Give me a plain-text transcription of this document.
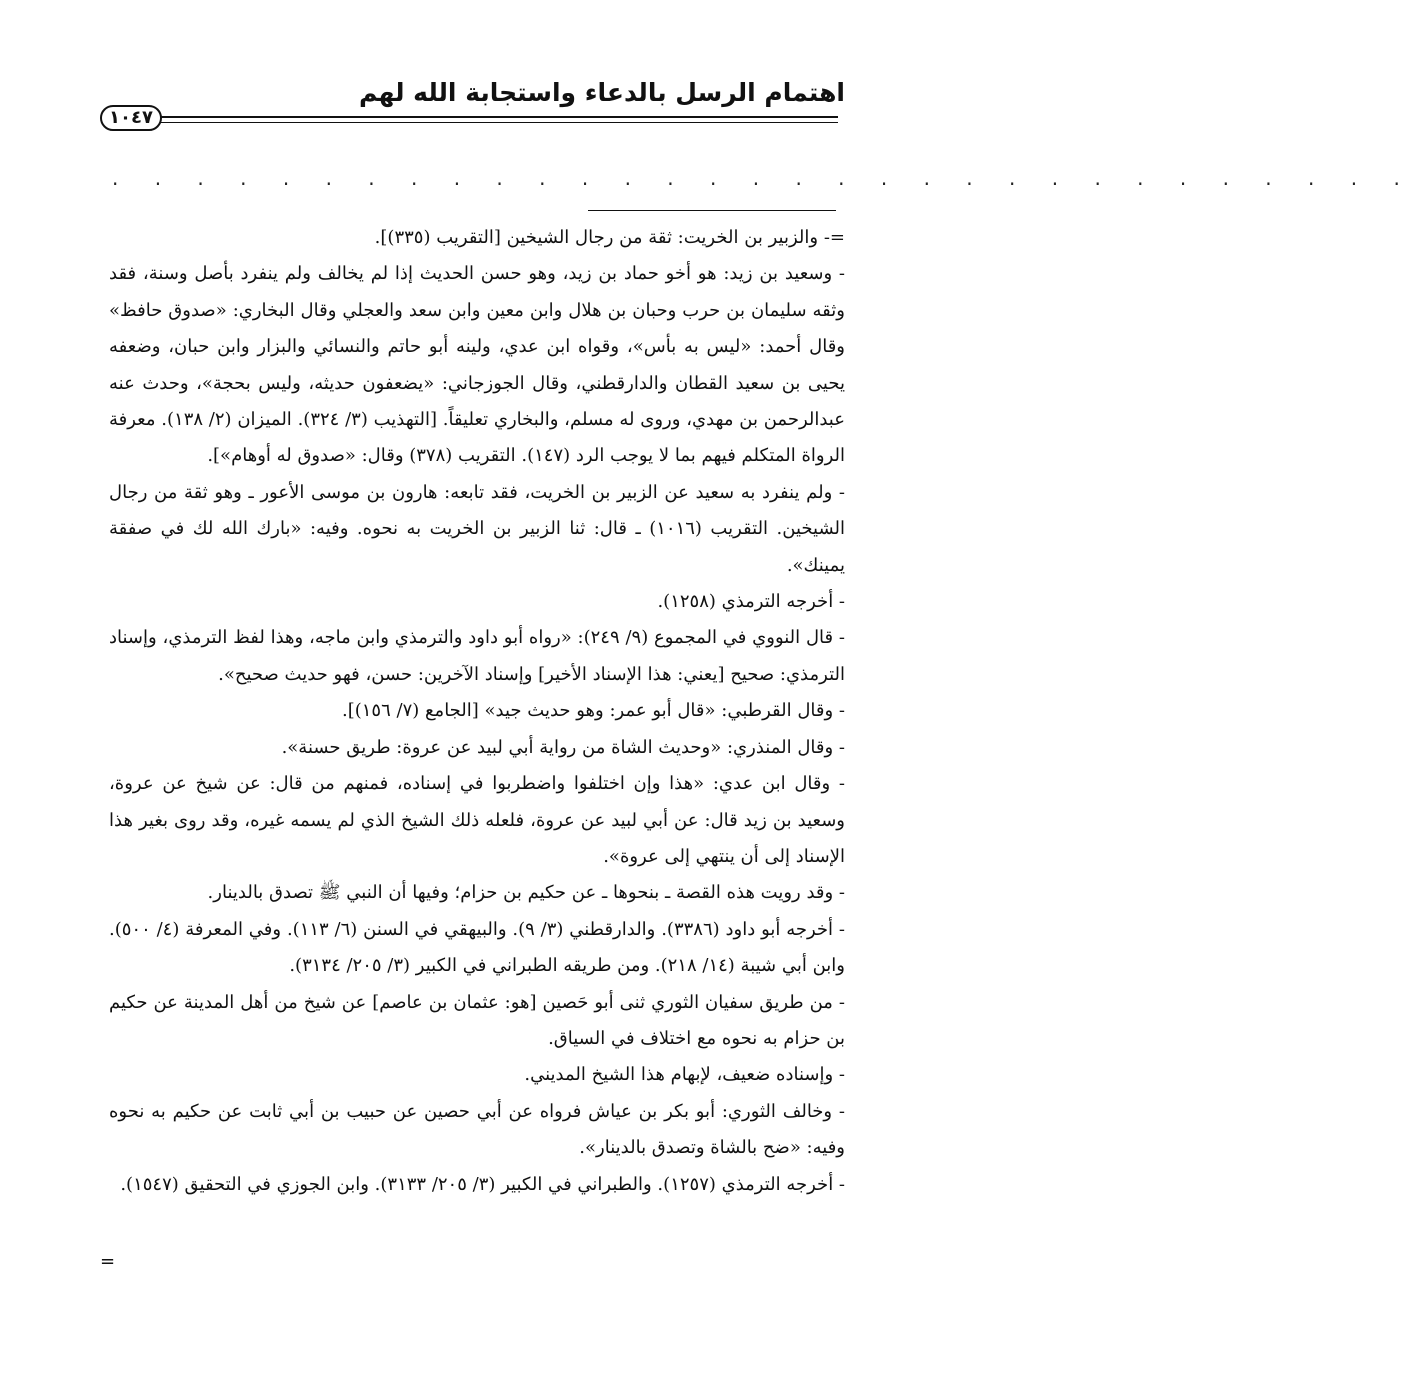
اهتمام الرسل بالدعاء واستجابة الله لهم
١٠٤٧
. . . . . . . . . . . . . . . . . . . . . . . . . . . . . . .

=- والزبير بن الخريت: ثقة من رجال الشيخين [التقريب (٣٣٥)].

- وسعيد بن زيد: هو أخو حماد بن زيد، وهو حسن الحديث إذا لم يخالف ولم ينفرد بأصل وسنة، فقد وثقه سليمان بن حرب وحبان بن هلال وابن معين وابن سعد والعجلي وقال البخاري: «صدوق حافظ» وقال أحمد: «ليس به بأس»، وقواه ابن عدي، ولينه أبو حاتم والنسائي والبزار وابن حبان، وضعفه يحيى بن سعيد القطان والدارقطني، وقال الجوزجاني: «يضعفون حديثه، وليس بحجة»، وحدث عنه عبدالرحمن بن مهدي، وروى له مسلم، والبخاري تعليقاً. [التهذيب (٣/ ٣٢٤). الميزان (٢/ ١٣٨). معرفة الرواة المتكلم فيهم بما لا يوجب الرد (١٤٧). التقريب (٣٧٨) وقال: «صدوق له أوهام»].

- ولم ينفرد به سعيد عن الزبير بن الخريت، فقد تابعه: هارون بن موسى الأعور ـ وهو ثقة من رجال الشيخين. التقريب (١٠١٦) ـ قال: ثنا الزبير بن الخريت به نحوه. وفيه: «بارك الله لك في صفقة يمينك».

- أخرجه الترمذي (١٢٥٨).

- قال النووي في المجموع (٩/ ٢٤٩): «رواه أبو داود والترمذي وابن ماجه، وهذا لفظ الترمذي، وإسناد الترمذي: صحيح [يعني: هذا الإسناد الأخير] وإسناد الآخرين: حسن، فهو حديث صحيح».

- وقال القرطبي: «قال أبو عمر: وهو حديث جيد» [الجامع (٧/ ١٥٦)].

- وقال المنذري: «وحديث الشاة من رواية أبي لبيد عن عروة: طريق حسنة».

- وقال ابن عدي: «هذا وإن اختلفوا واضطربوا في إسناده، فمنهم من قال: عن شيخ عن عروة، وسعيد بن زيد قال: عن أبي لبيد عن عروة، فلعله ذلك الشيخ الذي لم يسمه غيره، وقد روى بغير هذا الإسناد إلى أن ينتهي إلى عروة».

- وقد رويت هذه القصة ـ بنحوها ـ عن حكيم بن حزام؛ وفيها أن النبي ﷺ تصدق بالدينار.

- أخرجه أبو داود (٣٣٨٦). والدارقطني (٣/ ٩). والبيهقي في السنن (٦/ ١١٣). وفي المعرفة (٤/ ٥٠٠). وابن أبي شيبة (١٤/ ٢١٨). ومن طريقه الطبراني في الكبير (٣/ ٢٠٥/ ٣١٣٤).

- من طريق سفيان الثوري ثنى أبو حَصين [هو: عثمان بن عاصم] عن شيخ من أهل المدينة عن حكيم بن حزام به نحوه مع اختلاف في السياق.

- وإسناده ضعيف، لإبهام هذا الشيخ المديني.

- وخالف الثوري: أبو بكر بن عياش فرواه عن أبي حصين عن حبيب بن أبي ثابت عن حكيم به نحوه وفيه: «ضح بالشاة وتصدق بالدينار».

- أخرجه الترمذي (١٢٥٧). والطبراني في الكبير (٣/ ٢٠٥/ ٣١٣٣). وابن الجوزي في التحقيق (١٥٤٧).

=
